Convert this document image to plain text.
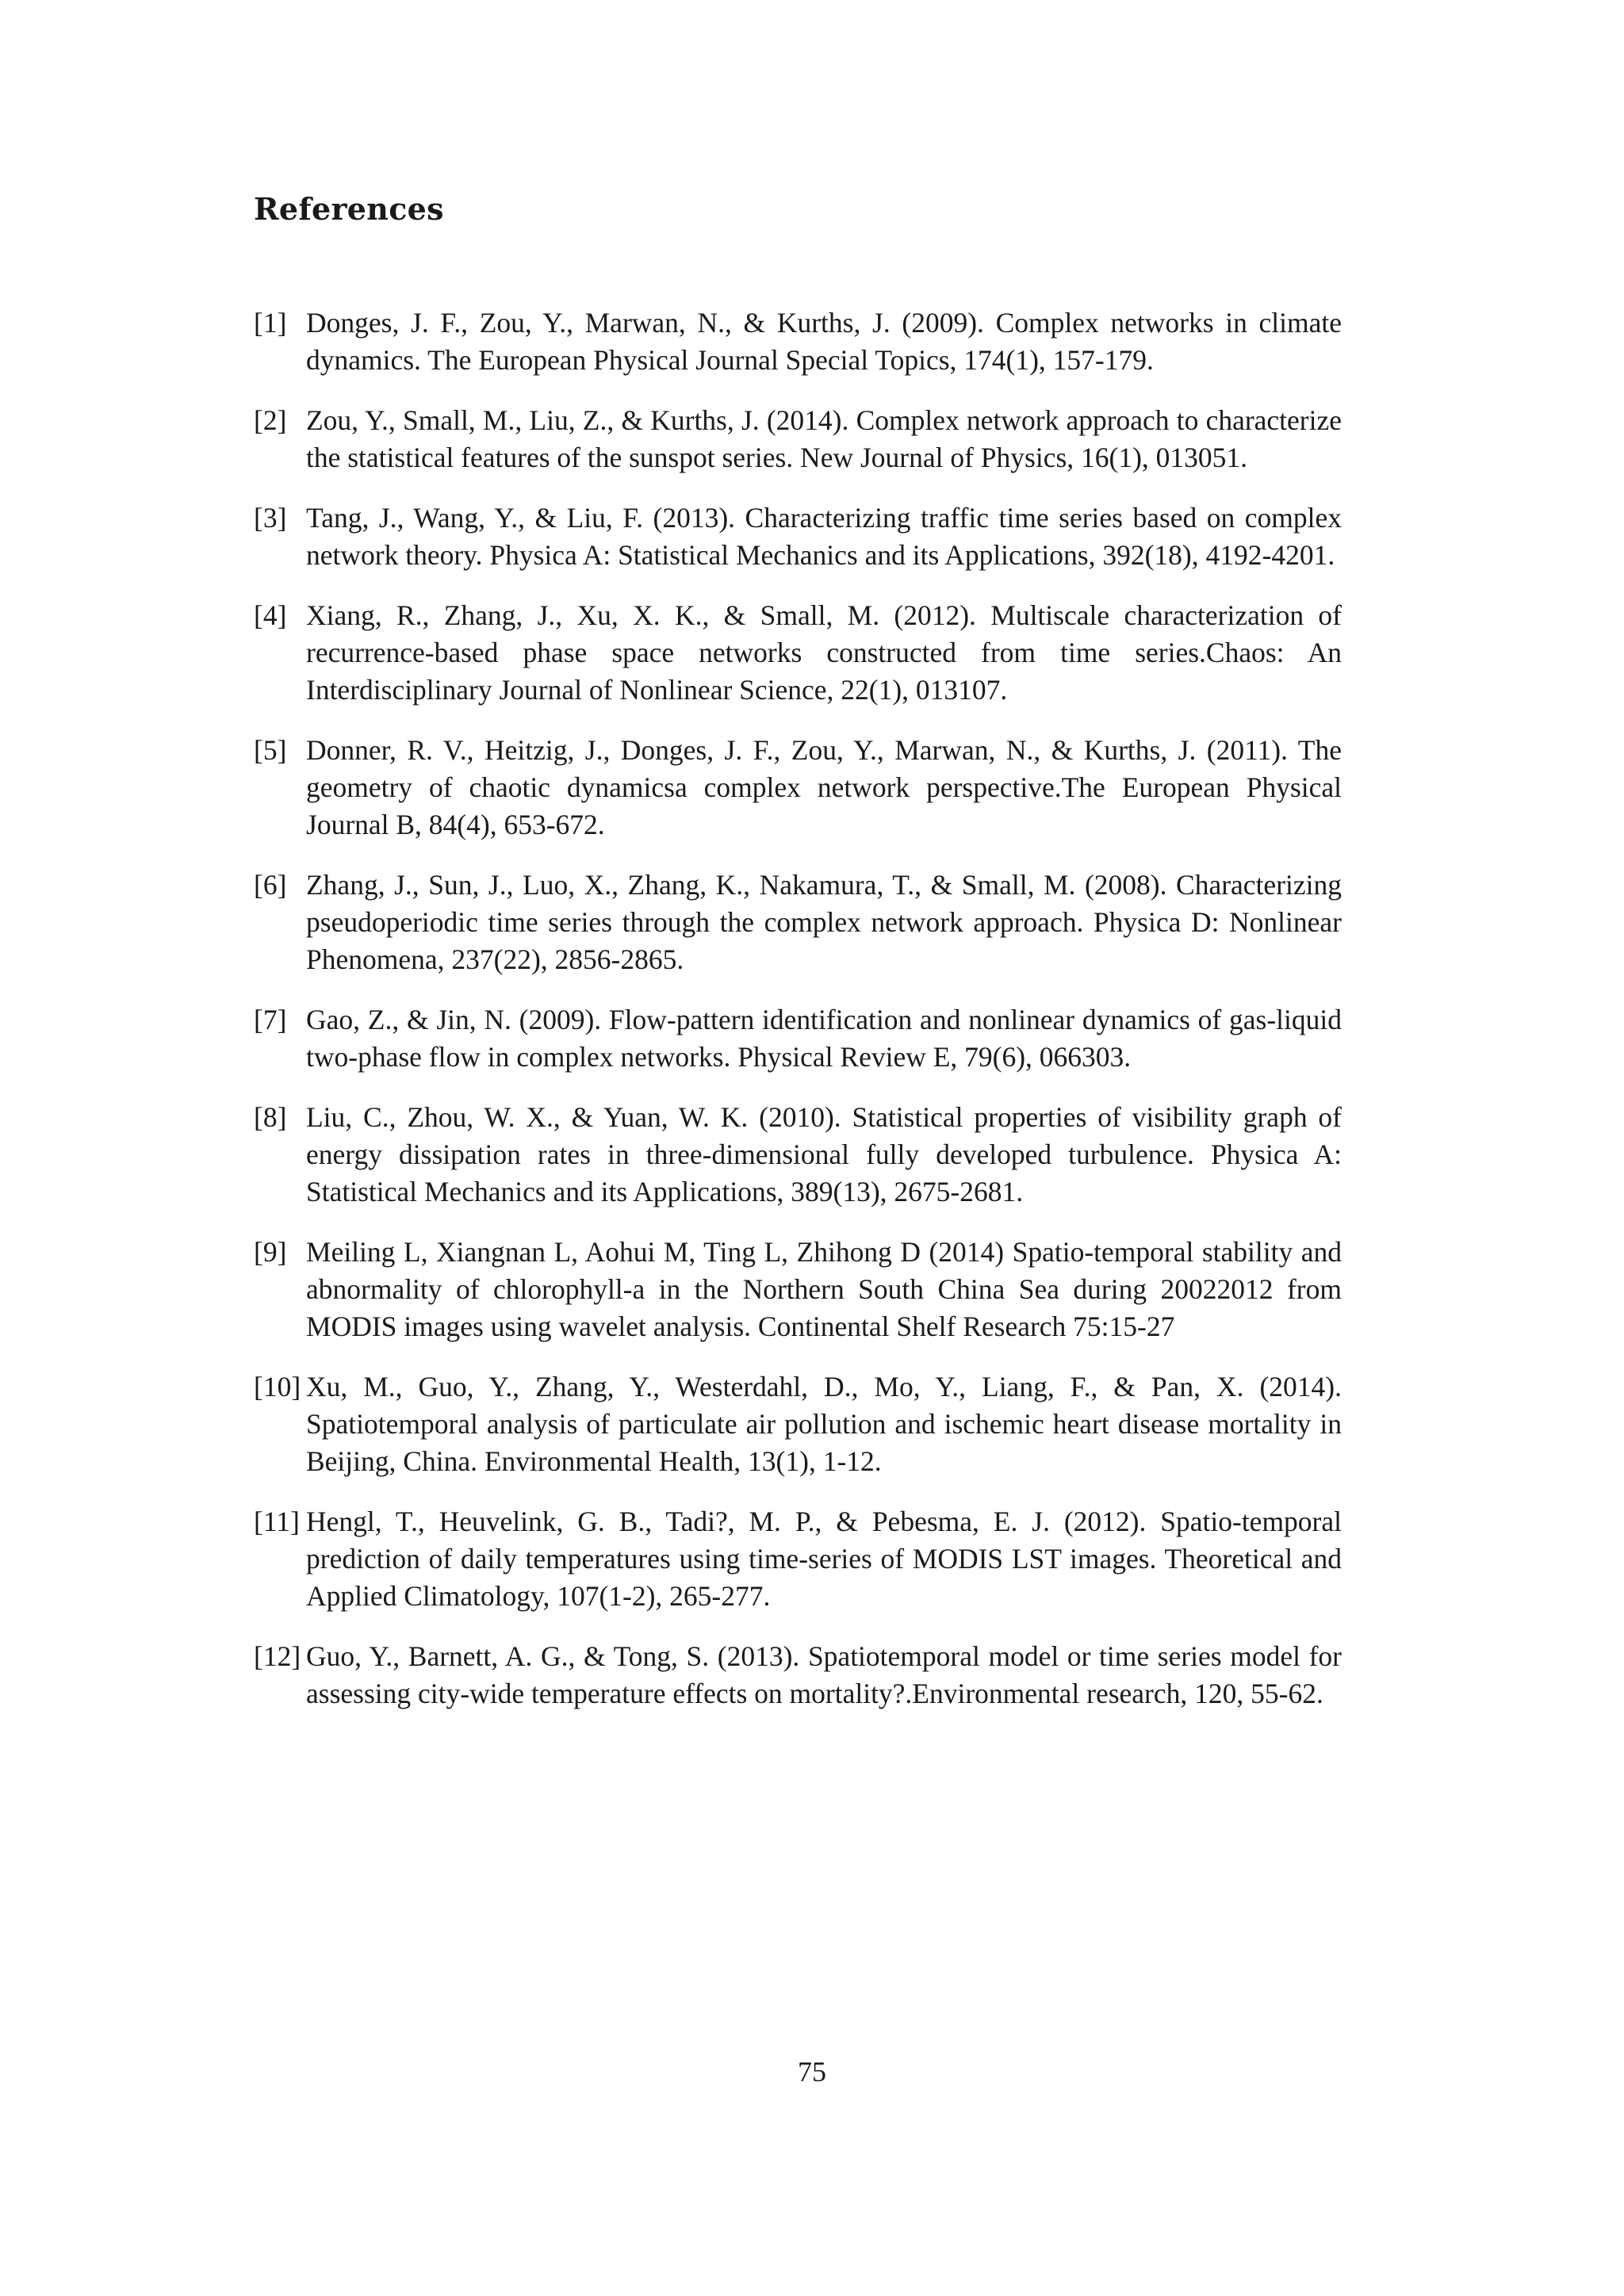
References
[1] Donges, J. F., Zou, Y., Marwan, N., & Kurths, J. (2009). Complex networks in climate dynamics. The European Physical Journal Special Topics, 174(1), 157-179.
[2] Zou, Y., Small, M., Liu, Z., & Kurths, J. (2014). Complex network approach to characterize the statistical features of the sunspot series. New Journal of Physics, 16(1), 013051.
[3] Tang, J., Wang, Y., & Liu, F. (2013). Characterizing traffic time series based on complex network theory. Physica A: Statistical Mechanics and its Applications, 392(18), 4192-4201.
[4] Xiang, R., Zhang, J., Xu, X. K., & Small, M. (2012). Multiscale characterization of recurrence-based phase space networks constructed from time series.Chaos: An Interdisciplinary Journal of Nonlinear Science, 22(1), 013107.
[5] Donner, R. V., Heitzig, J., Donges, J. F., Zou, Y., Marwan, N., & Kurths, J. (2011). The geometry of chaotic dynamicsa complex network perspective.The European Physical Journal B, 84(4), 653-672.
[6] Zhang, J., Sun, J., Luo, X., Zhang, K., Nakamura, T., & Small, M. (2008). Characterizing pseudoperiodic time series through the complex network approach. Physica D: Nonlinear Phenomena, 237(22), 2856-2865.
[7] Gao, Z., & Jin, N. (2009). Flow-pattern identification and nonlinear dynamics of gas-liquid two-phase flow in complex networks. Physical Review E, 79(6), 066303.
[8] Liu, C., Zhou, W. X., & Yuan, W. K. (2010). Statistical properties of visibility graph of energy dissipation rates in three-dimensional fully developed turbulence. Physica A: Statistical Mechanics and its Applications, 389(13), 2675-2681.
[9] Meiling L, Xiangnan L, Aohui M, Ting L, Zhihong D (2014) Spatio-temporal stability and abnormality of chlorophyll-a in the Northern South China Sea during 20022012 from MODIS images using wavelet analysis. Continental Shelf Research 75:15-27
[10] Xu, M., Guo, Y., Zhang, Y., Westerdahl, D., Mo, Y., Liang, F., & Pan, X. (2014). Spatiotemporal analysis of particulate air pollution and ischemic heart disease mortality in Beijing, China. Environmental Health, 13(1), 1-12.
[11] Hengl, T., Heuvelink, G. B., Tadi?, M. P., & Pebesma, E. J. (2012). Spatio-temporal prediction of daily temperatures using time-series of MODIS LST images. Theoretical and Applied Climatology, 107(1-2), 265-277.
[12] Guo, Y., Barnett, A. G., & Tong, S. (2013). Spatiotemporal model or time series model for assessing city-wide temperature effects on mortality?.Environmental research, 120, 55-62.
75
